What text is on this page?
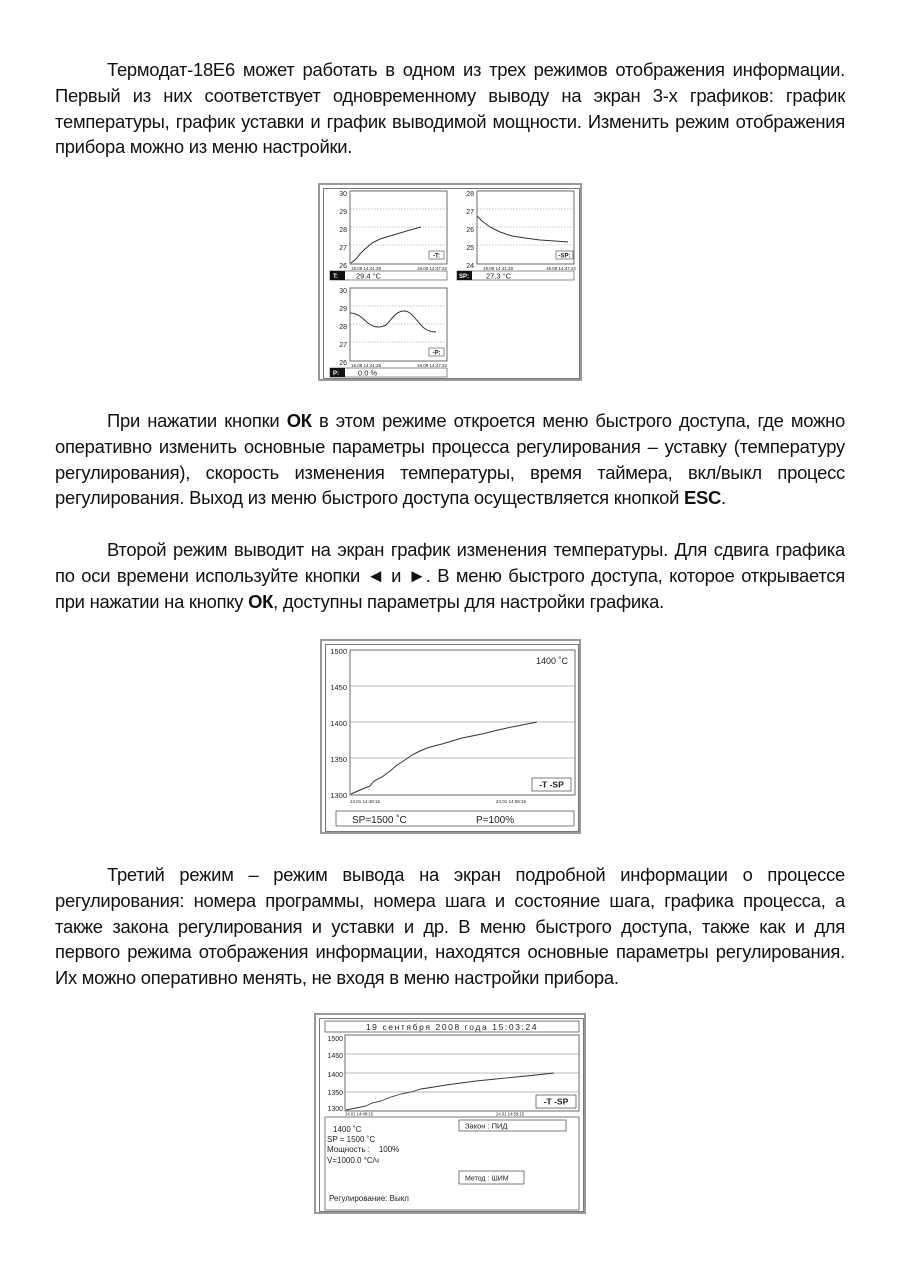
Термодат-18Е6 может работать в одном из трех режимов отображения информации. Первый из них соответствует одновременному выводу на экран 3-х графиков: график температуры, график уставки и график выводимой мощности. Изменить режим отображения прибора можно из меню настройки.
30
29
28
27
26
-T:
19.09 14:41:28	19.09 14:47:22
T: 29.4 °C
28
27
26
25
24
-SP:
19.09 14:41:28	19.09 14:47:22
SP: 27.3 °C
30
29
28
27
26
-P:
19.09 14:41:28	19.09 14:47:22
P:	0.0 %
При нажатии кнопки ОК в этом режиме откроется меню быстрого доступа, где можно оперативно изменить основные параметры процесса регулирования – уставку (температуру регулирования), скорость изменения температуры, время таймера, вкл/выкл процесс регулирования. Выход из меню быстрого доступа осуществляется кнопкой ESC.
Второй режим выводит на экран график изменения температуры. Для сдвига графика по оси времени используйте кнопки ◄ и ►. В меню быстрого доступа, которое открывается при нажатии на кнопку ОК, доступны параметры для настройки графика.
1500
1450
1400
1350
1300
1400 ˚C
-T -SP
24.01 14:48:15	24.01 14:59:15
SP=1500 ˚C	P=100%
Третий режим – режим вывода на экран подробной информации о процессе регулирования: номера программы, номера шага и состояние шага, графика процесса, а также закона регулирования и уставки и др. В меню быстрого доступа, также как и для первого режима отображения информации, находятся основные параметры регулирования. Их можно оперативно менять, не входя в меню настройки прибора.
19 сентября 2008 года 15:03:24
1500
1450
1400
1350
1300
-T -SP
24.01 14:48:15	24.01 14:59:15
1400 ˚C
SP = 1500 ˚C
Мощность :    100%
V=1000.0 °C/ч
Закон : ПИД
Метод : ШИМ
Регулирование: Выкл
